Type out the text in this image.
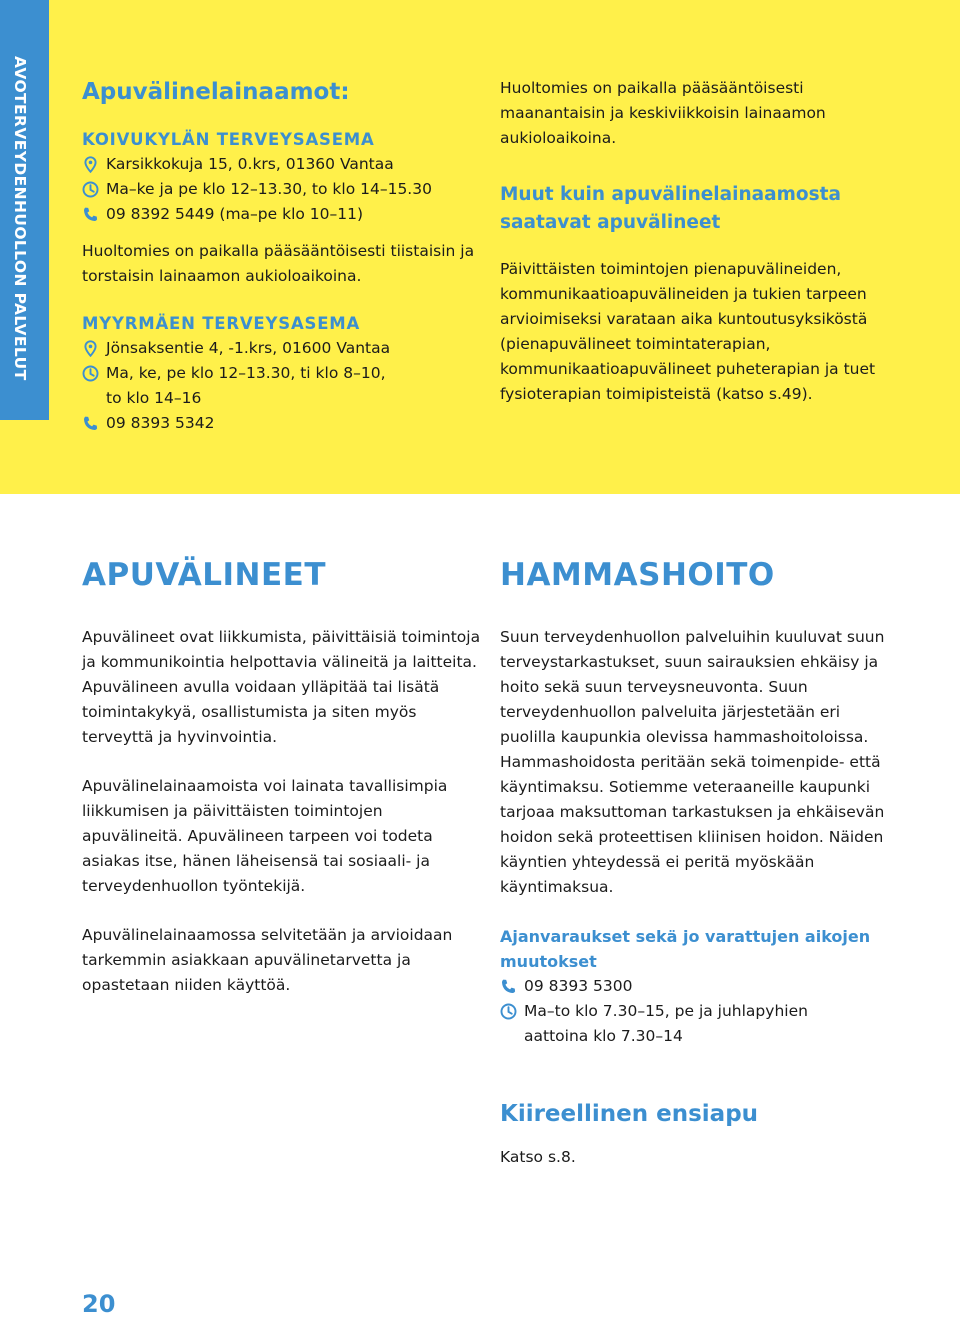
AVOTERVEYDENHUOLLON PALVELUT Apuvälinelainaamot:

KOIVUKYLÄN TERVEYSASEMA

Karsikkokuja 15, 0.krs, 01360 Vantaa
Ma–ke ja pe klo 12–13.30, to klo 14–15.30
09 8392 5449 (ma–pe klo 10–11)

Huoltomies on paikalla pääsääntöisesti tiistaisin ja torstaisin lainaamon aukioloaikoina.

MYYRMÄEN TERVEYSASEMA

Jönsaksentie 4, -1.krs, 01600 Vantaa
Ma, ke, pe klo 12–13.30, ti klo 8–10,
to klo 14–16
09 8393 5342

Huoltomies on paikalla pääsääntöisesti maanantaisin ja keskiviikkoisin lainaamon aukioloaikoina.

Muut kuin apuvälinelainaamosta saatavat apuvälineet

Päivittäisten toimintojen pienapuvälineiden, kommunikaatioapuvälineiden ja tukien tarpeen arvioimiseksi varataan aika kuntoutusyksiköstä (pienapuvälineet toimintaterapian, kommunikaatioapuvälineet puheterapian ja tuet fysioterapian toimipisteistä (katso s.49).

APUVÄLINEET

Apuvälineet ovat liikkumista, päivittäisiä toimintoja ja kommunikointia helpottavia välineitä ja laitteita. Apuvälineen avulla voidaan ylläpitää tai lisätä toimintakykyä, osallistumista ja siten myös terveyttä ja hyvinvointia.

Apuvälinelainaamoista voi lainata tavallisimpia liikkumisen ja päivittäisten toimintojen apuvälineitä. Apuvälineen tarpeen voi todeta asiakas itse, hänen läheisensä tai sosiaali- ja terveydenhuollon työntekijä.

Apuvälinelainaamossa selvitetään ja arvioidaan tarkemmin asiakkaan apuvälinetarvetta ja opastetaan niiden käyttöä.

HAMMASHOITO

Suun terveydenhuollon palveluihin kuuluvat suun terveystarkastukset, suun sairauksien ehkäisy ja hoito sekä suun terveysneuvonta. Suun terveydenhuollon palveluita järjestetään eri puolilla kaupunkia olevissa hammashoitoloissa. Hammashoidosta peritään sekä toimenpide- että käyntimaksu. Sotiemme veteraaneille kaupunki tarjoaa maksuttoman tarkastuksen ja ehkäisevän hoidon sekä proteettisen kliinisen hoidon. Näiden käyntien yhteydessä ei peritä myöskään käyntimaksua.

Ajanvaraukset sekä jo varattujen aikojen muutokset

09 8393 5300
Ma–to klo 7.30–15, pe ja juhlapyhien
aattoina klo 7.30–14
Kiireellinen ensiapu

Katso s.8.

20
